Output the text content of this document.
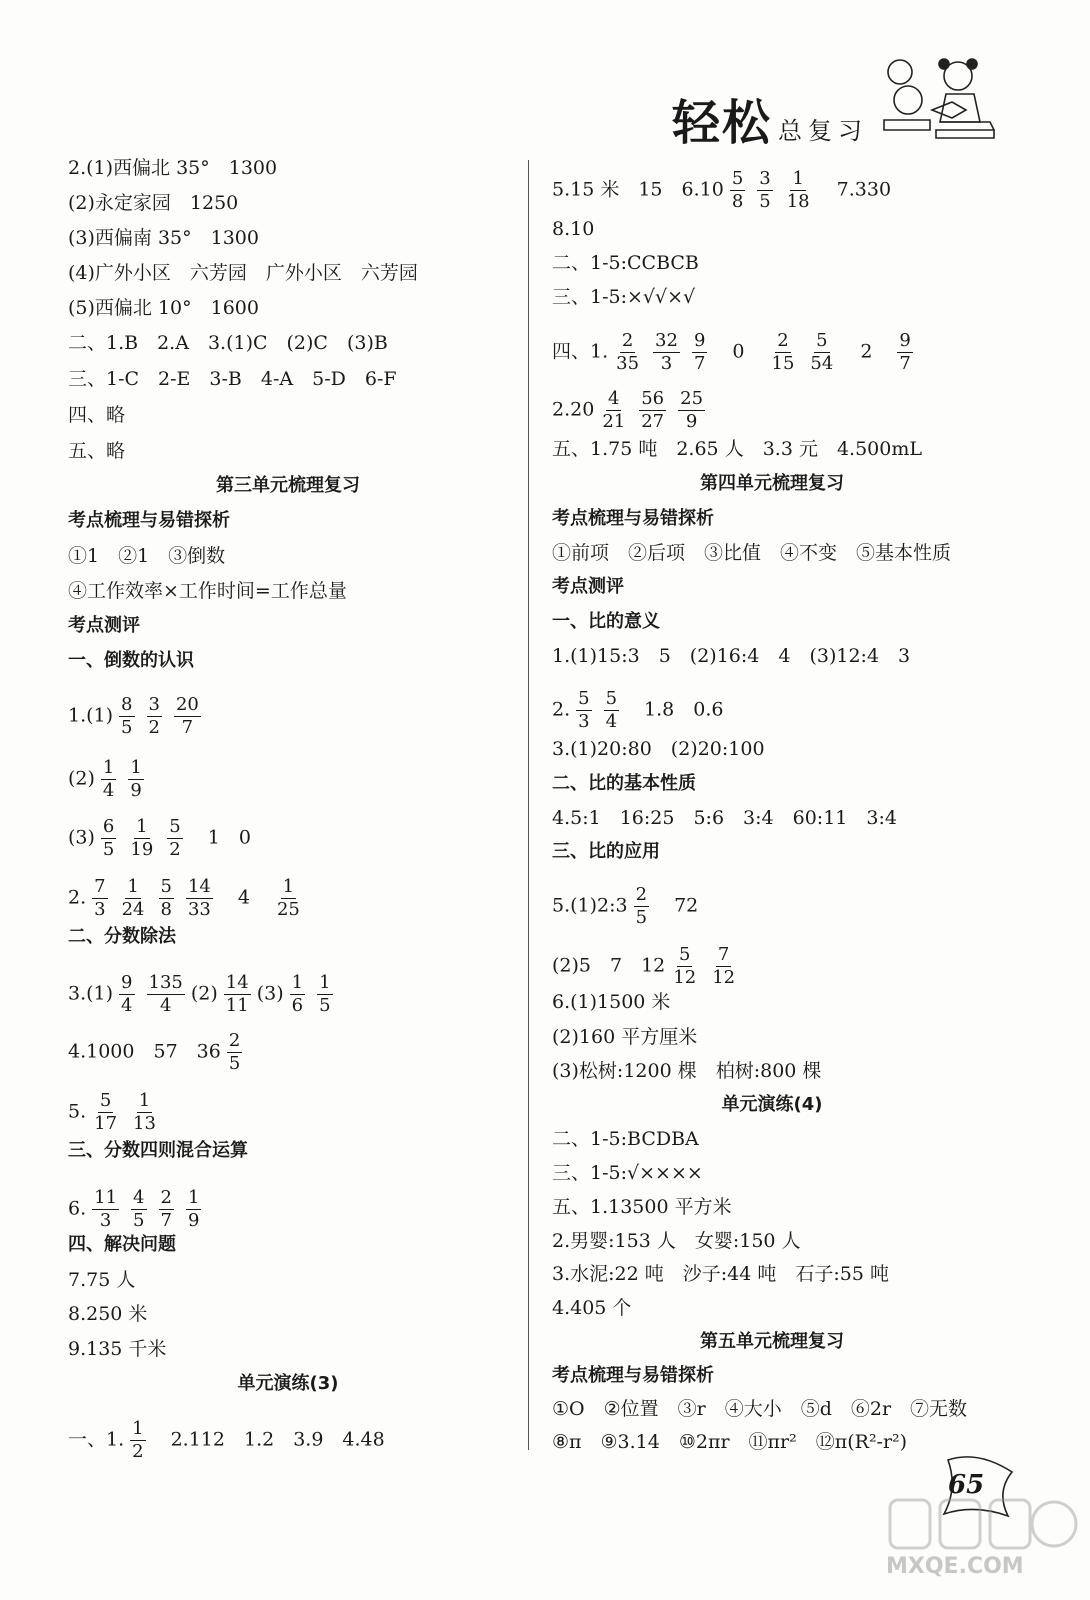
轻松 总复习
2.(1)西偏北 35°　1300
(2)永定家园　1250
(3)西偏南 35°　1300
(4)广外小区　六芳园　广外小区　六芳园
(5)西偏北 10°　1600
二、1.B　2.A　3.(1)C　(2)C　(3)B
三、1-C　2-E　3-B　4-A　5-D　6-F
四、略
五、略
第三单元梳理复习
考点梳理与易错探析
①1　②1　③倒数
④工作效率×工作时间=工作总量
考点测评
一、倒数的认识
$1.(1) \frac{8}{5} \frac{3}{2} \frac{20}{7}$
$(2) \frac{1}{4} \frac{1}{9}$
$(3) \frac{6}{5} \frac{1}{19} \frac{5}{2}$ 　1　0　
2. $\frac{7}{3} \frac{1}{24} \frac{5}{8} \frac{14}{33}$ 　4　 $\frac{1}{25}$
二、分数除法
$3.(1) \frac{9}{4} \frac{135}{4} (2) \frac{14}{11} (3) \frac{1}{6} \frac{1}{5}$
4.1000　57　$36 \frac{2}{5}$
5. $\frac{5}{17} \frac{1}{13}$
三、分数四则混合运算
6. $\frac{11}{3} \frac{4}{5} \frac{2}{7} \frac{1}{9}$
四、解决问题
7.75 人
8.250 米
9.135 千米
单元演练(3)
一、1. $\frac{1}{2}$ 　2.112　1.2　3.9　4.48　
5.15 米　15　$6.10 \frac{5}{8} \frac{3}{5} \frac{1}{18}$ 　7.330　
8.10
二、1-5:CCBCB
三、1-5:×√√×√
四、1. $\frac{2}{35} \frac{32}{3} \frac{9}{7}$ 　0　 $\frac{2}{15} \frac{5}{54}$ 　2　 $\frac{9}{7}$
$2.20 \frac{4}{21} \frac{56}{27} \frac{25}{9}$
五、1.75 吨　2.65 人　3.3 元　4.500mL
第四单元梳理复习
考点梳理与易错探析
①前项　②后项　③比值　④不变　⑤基本性质
考点测评
一、比的意义
1.(1)15:3　5　(2)16:4　4　(3)12:4　3
2. $\frac{5}{3} \frac{5}{4}$ 　1.8　0.6　
3.(1)20:80　(2)20:100
二、比的基本性质
4.5:1　16:25　5:6　3:4　60:11　3:4
三、比的应用
5.(1)2:3 $\frac{2}{5}$ 　72　
(2)5　7　$12 \frac{5}{12} \frac{7}{12}$
6.(1)1500 米
(2)160 平方厘米
(3)松树:1200 棵　柏树:800 棵
单元演练(4)
二、1-5:BCDBA
三、1-5:√××××
五、1.13500 平方米
2.男婴:153 人　女婴:150 人
3.水泥:22 吨　沙子:44 吨　石子:55 吨
4.405 个
第五单元梳理复习
考点梳理与易错探析
①O　②位置　③r　④大小　⑤d　⑥2r　⑦无数
⑧π　⑨3.14　⑩2πr　⑪πr²　⑫π(R²-r²)
65
MXQE.COM
